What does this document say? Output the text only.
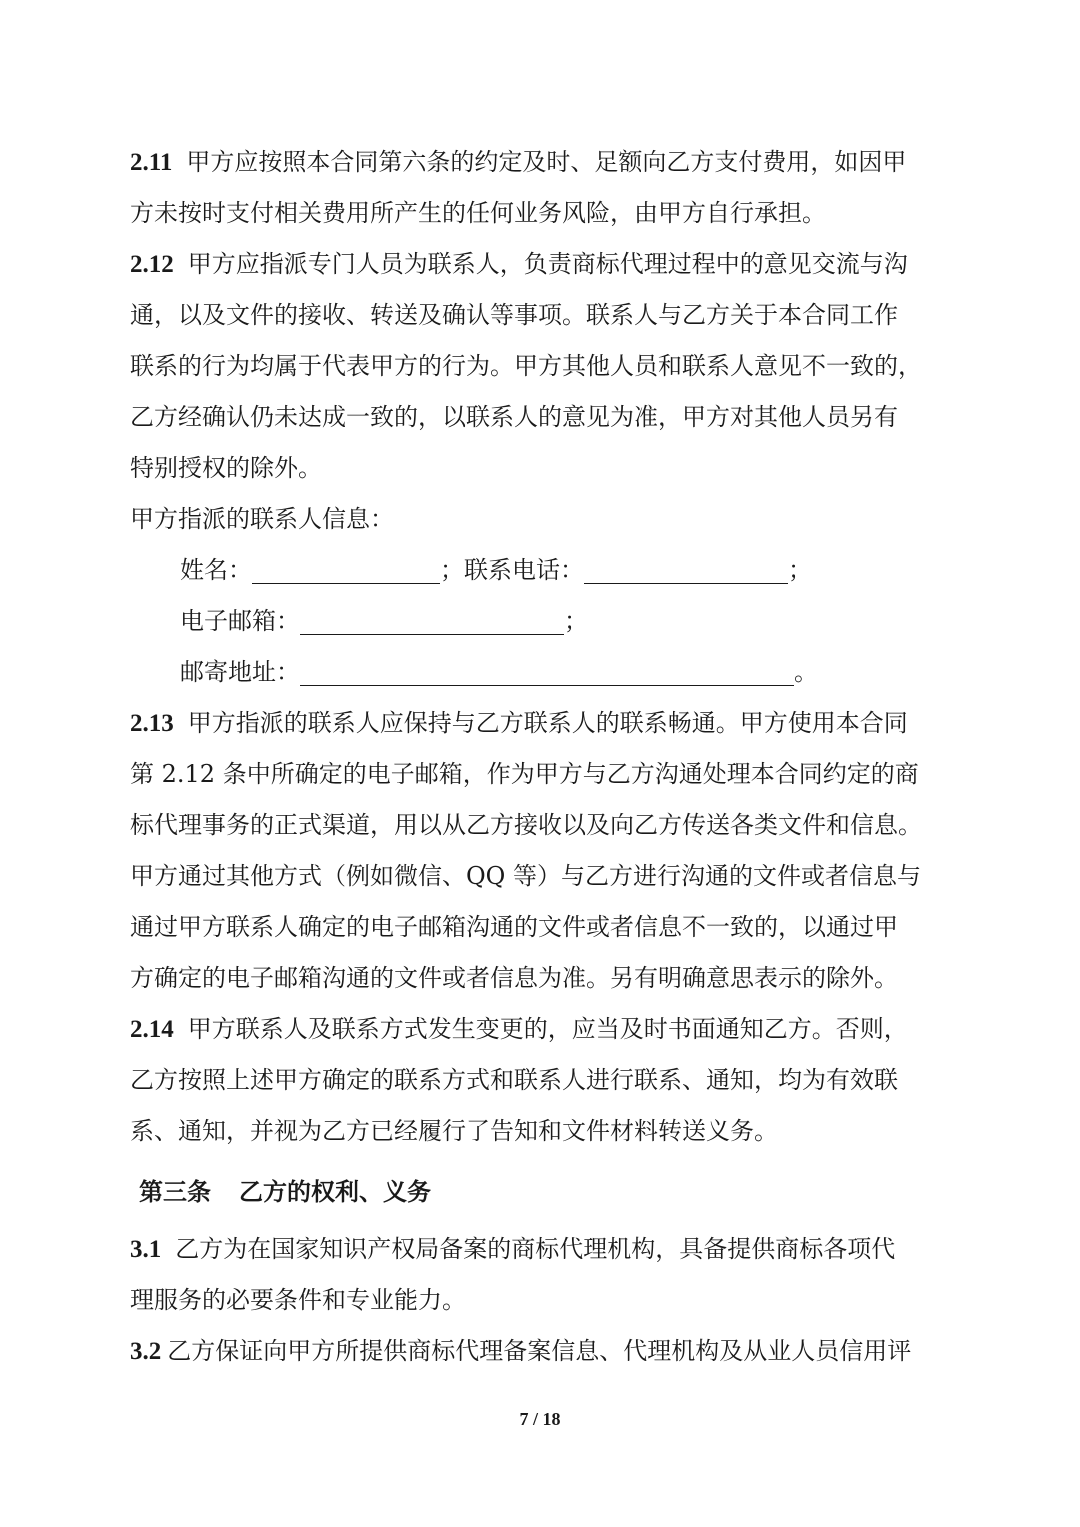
2.11 甲方应按照本合同第六条的约定及时、足额向乙方支付费用，如因甲
方未按时支付相关费用所产生的任何业务风险，由甲方自行承担。
2.12 甲方应指派专门人员为联系人，负责商标代理过程中的意见交流与沟
通，以及文件的接收、转送及确认等事项。联系人与乙方关于本合同工作
联系的行为均属于代表甲方的行为。甲方其他人员和联系人意见不一致的，
乙方经确认仍未达成一致的，以联系人的意见为准，甲方对其他人员另有
特别授权的除外。
甲方指派的联系人信息：
姓名：	；联系电话：	；
电子邮箱：	；
邮寄地址：	。
2.13 甲方指派的联系人应保持与乙方联系人的联系畅通。甲方使用本合同
第 2.12 条中所确定的电子邮箱，作为甲方与乙方沟通处理本合同约定的商
标代理事务的正式渠道，用以从乙方接收以及向乙方传送各类文件和信息。
甲方通过其他方式（例如微信、QQ 等）与乙方进行沟通的文件或者信息与
通过甲方联系人确定的电子邮箱沟通的文件或者信息不一致的，以通过甲
方确定的电子邮箱沟通的文件或者信息为准。另有明确意思表示的除外。
2.14 甲方联系人及联系方式发生变更的，应当及时书面通知乙方。否则，
乙方按照上述甲方确定的联系方式和联系人进行联系、通知，均为有效联
系、通知，并视为乙方已经履行了告知和文件材料转送义务。
第三条 乙方的权利、义务
3.1 乙方为在国家知识产权局备案的商标代理机构，具备提供商标各项代
理服务的必要条件和专业能力。
3.2 乙方保证向甲方所提供商标代理备案信息、代理机构及从业人员信用评
7 / 18
